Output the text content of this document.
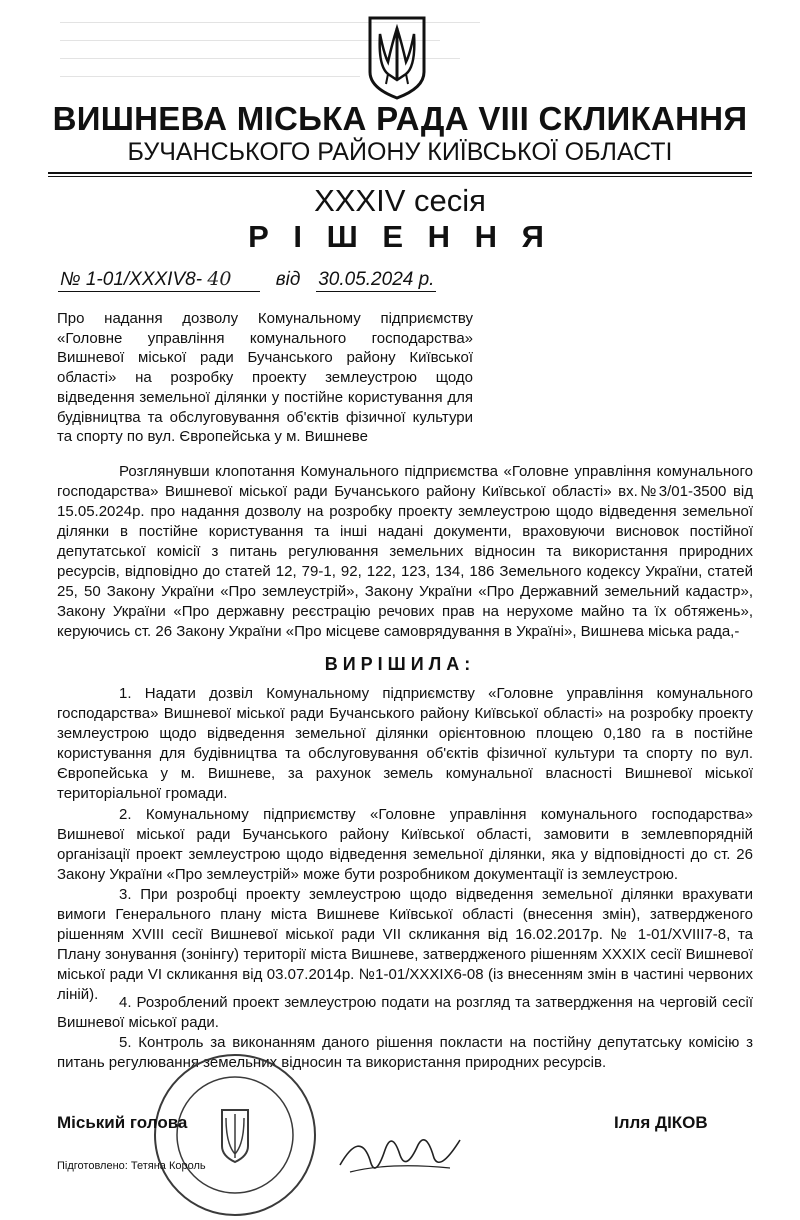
ВИШНЕВА МІСЬКА РАДА VIII СКЛИКАННЯ
БУЧАНСЬКОГО РАЙОНУ КИЇВСЬКОЇ ОБЛАСТІ
XXXIV сесія
Р І Ш Е Н Н Я
№ 1-01/XXXIV8- 40 від 30.05.2024 р.
Про надання дозволу Комунальному підприємству «Головне управління комунального господарства» Вишневої міської ради Бучанського району Київської області» на розробку проекту землеустрою щодо відведення земельної ділянки у постійне користування для будівництва та обслуговування об'єктів фізичної культури та спорту по вул. Європейська у м. Вишневе

Розглянувши клопотання Комунального підприємства «Головне управління комунального господарства» Вишневої міської ради Бучанського району Київської області» вх.№3/01-3500 від 15.05.2024р. про надання дозволу на розробку проекту землеустрою щодо відведення земельної ділянки в постійне користування та інші надані документи, враховуючи висновок постійної депутатської комісії з питань регулювання земельних відносин та використання природних ресурсів, відповідно до статей 12, 79-1, 92, 122, 123, 134, 186 Земельного кодексу України, статей 25, 50 Закону України «Про землеустрій», Закону України «Про Державний земельний кадастр», Закону України «Про державну реєстрацію речових прав на нерухоме майно та їх обтяжень», керуючись ст. 26 Закону України «Про місцеве самоврядування в Україні», Вишнева міська рада,-

ВИРІШИЛА:

1. Надати дозвіл Комунальному підприємству «Головне управління комунального господарства» Вишневої міської ради Бучанського району Київської області» на розробку проекту землеустрою щодо відведення земельної ділянки орієнтовною площею 0,180 га в постійне користування для будівництва та обслуговування об'єктів фізичної культури та спорту по вул. Європейська у м. Вишневе, за рахунок земель комунальної власності Вишневої міської територіальної громади.

2. Комунальному підприємству «Головне управління комунального господарства» Вишневої міської ради Бучанського району Київської області, замовити в землевпорядній організації проект землеустрою щодо відведення земельної ділянки, яка у відповідності до ст. 26 Закону України «Про землеустрій» може бути розробником документації із землеустрою.

3. При розробці проекту землеустрою щодо відведення земельної ділянки врахувати вимоги Генерального плану міста Вишневе Київської області (внесення змін), затвердженого рішенням XVIII сесії Вишневої міської ради VII скликання від 16.02.2017р. № 1-01/XVIII7-8, та Плану зонування (зонінгу) території міста Вишневе, затвердженого рішенням XXXIX сесії Вишневої міської ради VI скликання від 03.07.2014р. №1-01/XXXIX6-08 (із внесенням змін в частині червоних ліній).	4. Розроблений проект землеустрою подати на розгляд та затвердження на черговій сесії Вишневої міської ради.

5. Контроль за виконанням даного рішення покласти на постійну депутатську комісію з питань регулювання земельних відносин та використання природних ресурсів.

Міський голова	Ілля ДІКОВ
Підготовлено: Тетяна Король
